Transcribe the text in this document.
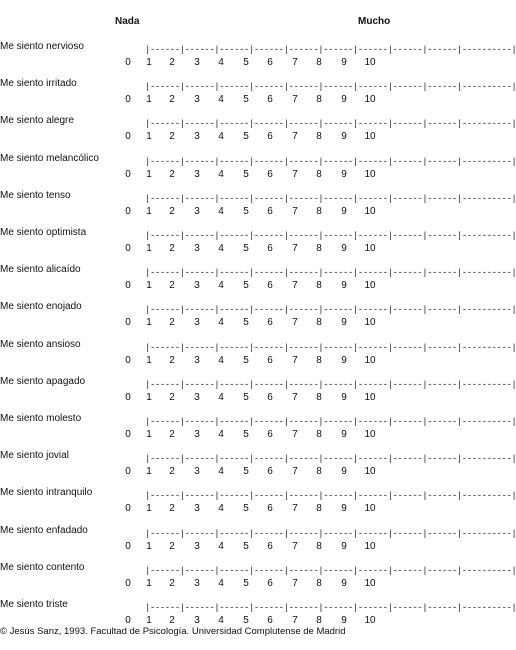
Nada	Mucho
Me siento nervioso	|------|------|------|------|------|------|------|------|------|----------|
0	1	2	3	4	5	6	7	8	9	10
Me siento irritado	|------|------|------|------|------|------|------|------|------|----------|
0	1	2	3	4	5	6	7	8	9	10
Me siento alegre	|------|------|------|------|------|------|------|------|------|----------|
0	1	2	3	4	5	6	7	8	9	10
Me siento melancólico	|------|------|------|------|------|------|------|------|------|----------|
0	1	2	3	4	5	6	7	8	9	10
Me siento tenso	|------|------|------|------|------|------|------|------|------|----------|
0	1	2	3	4	5	6	7	8	9	10
Me siento optimista	|------|------|------|------|------|------|------|------|------|----------|
0	1	2	3	4	5	6	7	8	9	10
Me siento alicaído	|------|------|------|------|------|------|------|------|------|----------|
0	1	2	3	4	5	6	7	8	9	10
Me siento enojado	|------|------|------|------|------|------|------|------|------|----------|
0	1	2	3	4	5	6	7	8	9	10
Me siento ansioso	|------|------|------|------|------|------|------|------|------|----------|
0	1	2	3	4	5	6	7	8	9	10
Me siento apagado	|------|------|------|------|------|------|------|------|------|----------|
0	1	2	3	4	5	6	7	8	9	10
Me siento molesto	|------|------|------|------|------|------|------|------|------|----------|
0	1	2	3	4	5	6	7	8	9	10
Me siento jovial	|------|------|------|------|------|------|------|------|------|----------|
0	1	2	3	4	5	6	7	8	9	10
Me siento intranquilo	|------|------|------|------|------|------|------|------|------|----------|
0	1	2	3	4	5	6	7	8	9	10
Me siento enfadado	|------|------|------|------|------|------|------|------|------|----------|
0	1	2	3	4	5	6	7	8	9	10
Me siento contento	|------|------|------|------|------|------|------|------|------|----------|
0	1	2	3	4	5	6	7	8	9	10
Me siento triste	|------|------|------|------|------|------|------|------|------|----------|
0	1	2	3	4	5	6	7	8	9	10
© Jesús Sanz, 1993. Facultad de Psicología. Universidad Complutense de Madrid
